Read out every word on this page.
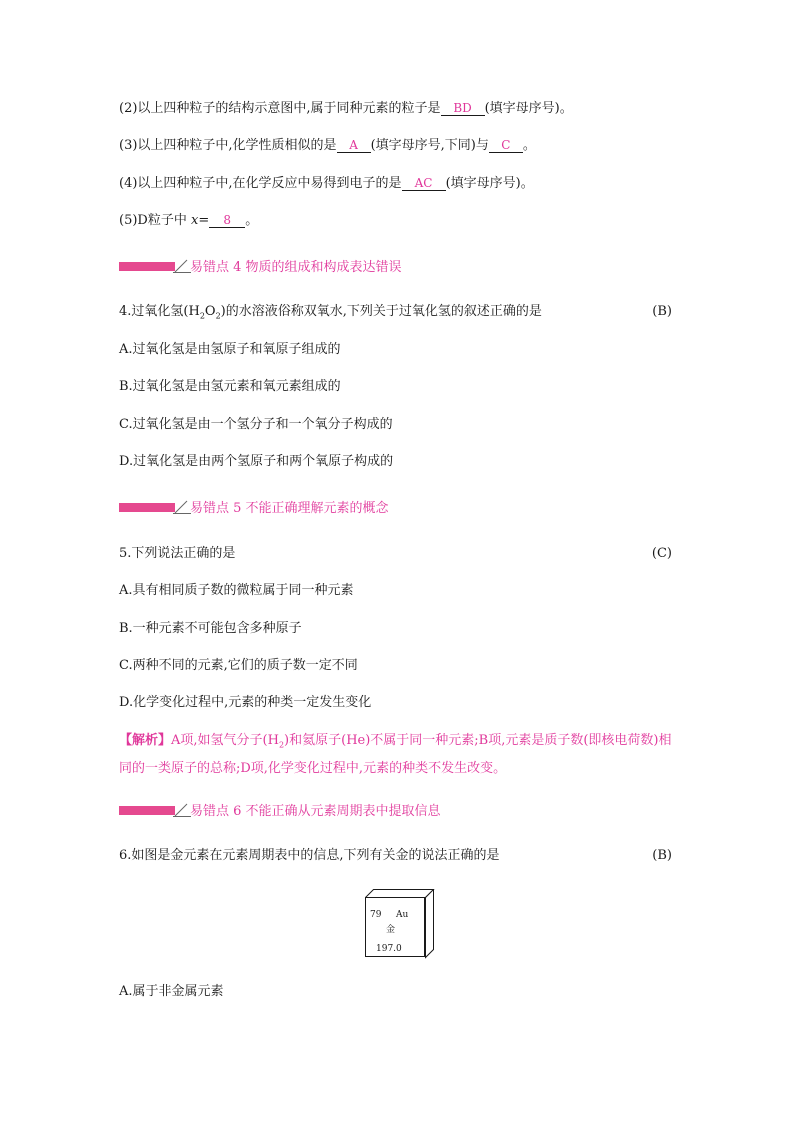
(2)以上四种粒子的结构示意图中,属于同种元素的粒子是 BD (填字母序号)。
(3)以上四种粒子中,化学性质相似的是 A (填字母序号,下同)与 C 。
(4)以上四种粒子中,在化学反应中易得到电子的是 AC (填字母序号)。
(5)D粒子中 x= 8 。
易错点 4 物质的组成和构成表达错误
4.过氧化氢$(H_2O_2)$的水溶液俗称双氧水,下列关于过氧化氢的叙述正确的是	(B)
A.过氧化氢是由氢原子和氧原子组成的
B.过氧化氢是由氢元素和氧元素组成的
C.过氧化氢是由一个氢分子和一个氧分子构成的
D.过氧化氢是由两个氢原子和两个氧原子构成的
易错点 5 不能正确理解元素的概念
5.下列说法正确的是	(C)
A.具有相同质子数的微粒属于同一种元素
B.一种元素不可能包含多种原子
C.两种不同的元素,它们的质子数一定不同
D.化学变化过程中,元素的种类一定发生变化
【解析】A项,如氢气分子$(H_2)$和氦原子(He)不属于同一种元素;B项,元素是质子数(即核电荷数)相同的一类原子的总称;D项,化学变化过程中,元素的种类不发生改变。
易错点 6 不能正确从元素周期表中提取信息
6.如图是金元素在元素周期表中的信息,下列有关金的说法正确的是	(B)
79 Au
金
197.0
A.属于非金属元素
